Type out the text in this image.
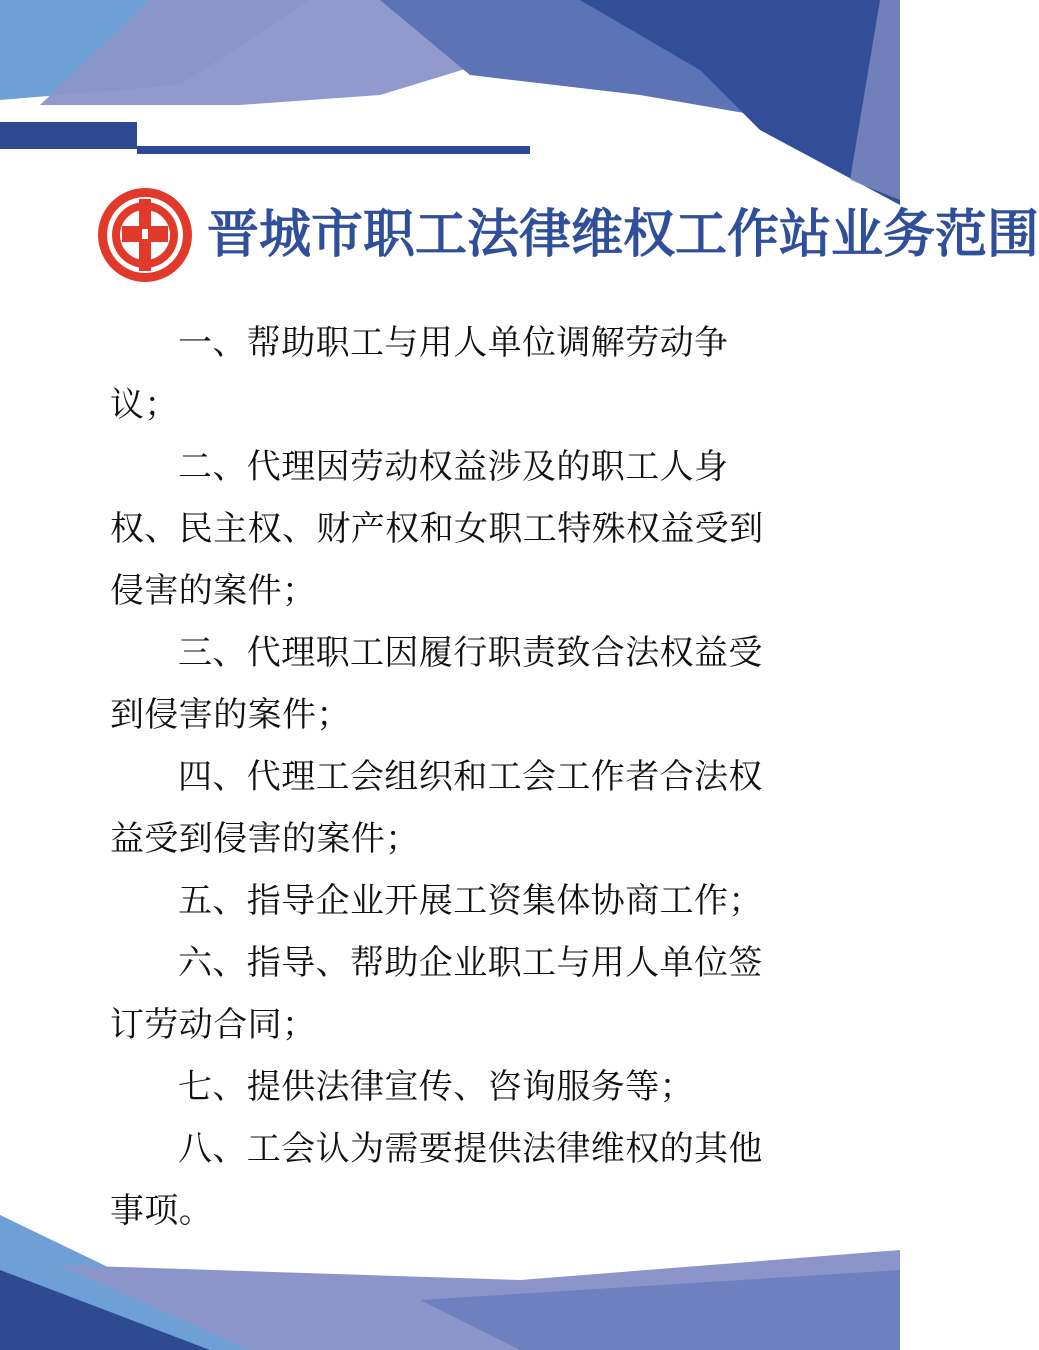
晋城市职工法律维权工作站业务范围

一、帮助职工与用人单位调解劳动争议；

二、代理因劳动权益涉及的职工人身权、民主权、财产权和女职工特殊权益受到侵害的案件；

三、代理职工因履行职责致合法权益受到侵害的案件；

四、代理工会组织和工会工作者合法权益受到侵害的案件；

五、指导企业开展工资集体协商工作；

六、指导、帮助企业职工与用人单位签订劳动合同；

七、提供法律宣传、咨询服务等；

八、工会认为需要提供法律维权的其他事项。
